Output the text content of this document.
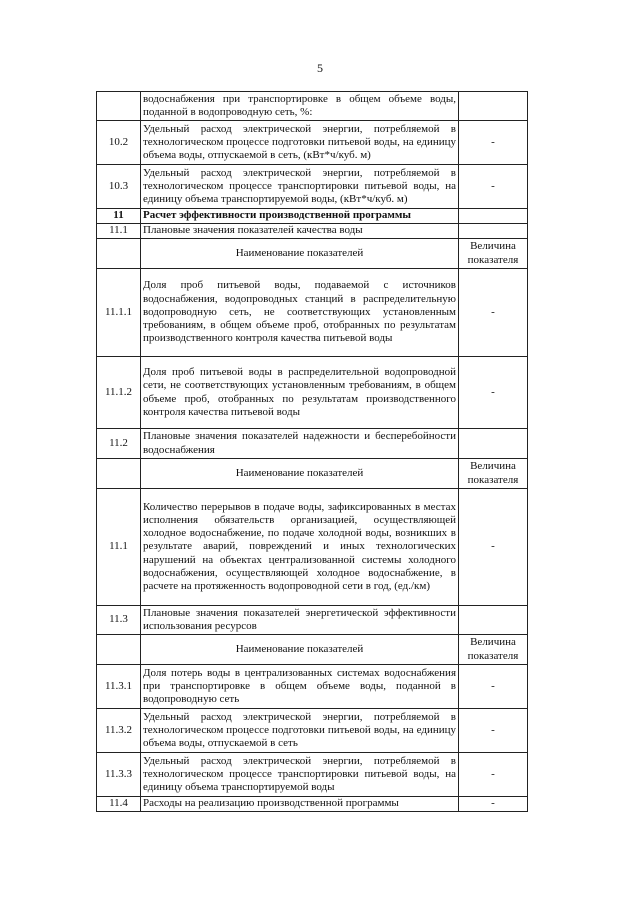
5
	водоснабжения при транспортировке в общем объеме воды, поданной в водопроводную сеть, %:	
10.2	Удельный расход электрической энергии, потребляемой в технологическом процессе подготовки питьевой воды, на единицу объема воды, отпускаемой в сеть, (кВт*ч/куб. м)	-
10.3	Удельный расход электрической энергии, потребляемой в технологическом процессе транспортировки питьевой воды, на единицу объема транспортируемой воды, (кВт*ч/куб. м)	-
11	Расчет эффективности производственной программы	
11.1	Плановые значения показателей качества воды	
	Наименование показателей	Величина показателя
11.1.1	Доля проб питьевой воды, подаваемой с источников водоснабжения, водопроводных станций в распределительную водопроводную сеть, не соответствующих установленным требованиям, в общем объеме проб, отобранных по результатам производственного контроля качества питьевой воды	-
11.1.2	Доля проб питьевой воды в распределительной водопроводной сети, не соответствующих установленным требованиям, в общем объеме проб, отобранных по результатам производственного контроля качества питьевой воды	-
11.2	Плановые значения показателей надежности и бесперебойности водоснабжения	
	Наименование показателей	Величина показателя
11.1	Количество перерывов в подаче воды, зафиксированных в местах исполнения обязательств организацией, осуществляющей холодное водоснабжение, по подаче холодной воды, возникших в результате аварий, повреждений и иных технологических нарушений на объектах централизованной системы холодного водоснабжения, осуществляющей холодное водоснабжение, в расчете на протяженность водопроводной сети в год, (ед./км)	-
11.3	Плановые значения показателей энергетической эффективности использования ресурсов	
	Наименование показателей	Величина показателя
11.3.1	Доля потерь воды в централизованных системах водоснабжения при транспортировке в общем объеме воды, поданной в водопроводную сеть	-
11.3.2	Удельный расход электрической энергии, потребляемой в технологическом процессе подготовки питьевой воды, на единицу объема воды, отпускаемой в сеть	-
11.3.3	Удельный расход электрической энергии, потребляемой в технологическом процессе транспортировки питьевой воды, на единицу объема транспортируемой воды	-
11.4	Расходы на реализацию производственной программы	-
